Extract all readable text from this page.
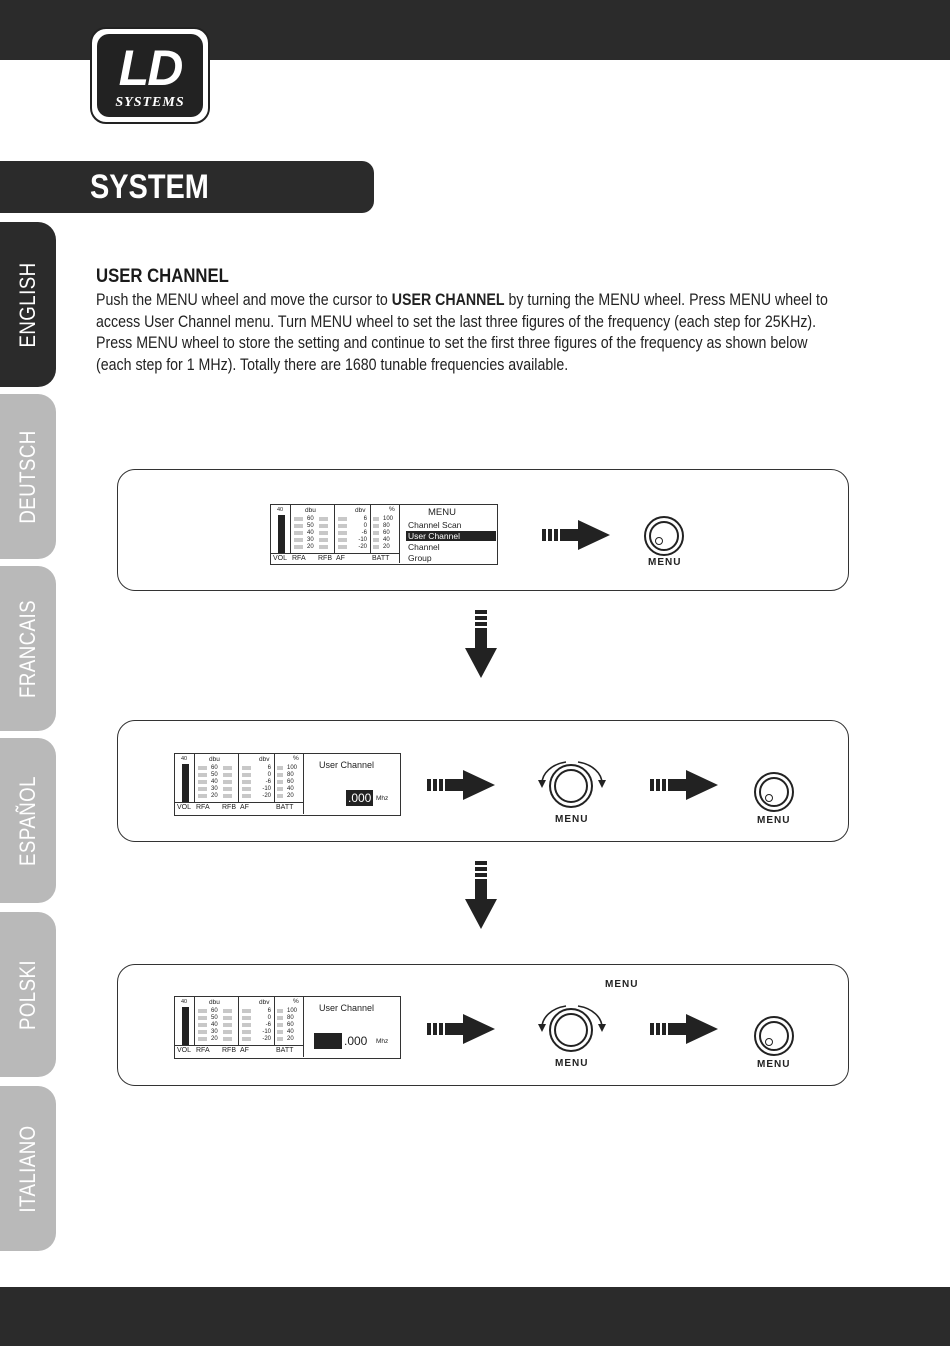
LD
SYSTEMS
SYSTEM
ENGLISH
DEUTSCH
FRANCAIS
ESPAÑOL
POLSKI
ITALIANO
USER CHANNEL
Push the MENU wheel and move the cursor to USER CHANNEL by turning the MENU wheel. Press MENU wheel to access User Channel menu. Turn MENU wheel to set the last three figures of the frequency (each step for 25KHz). Press MENU wheel to store the setting and continue to set the first three figures of the frequency as shown below (each step for 1 MHz). Totally there are 1680 tunable frequencies available.
40	dbu	dbv	%
60	6	100
50	0	80
40	-6	60
30	-10	40
20	-20	20
VOL RFA RFB AF	BATT
MENU
Channel Scan
User Channel
Channel
Group
40	dbu	dbv	%
60	6	100
50	0	80
40	-6	60
30	-10	40
20	-20	20
VOL RFA RFB AF	BATT
User Channel
.000 Mhz
40	dbu	dbv	%
60	6	100
50	0	80
40	-6	60
30	-10	40
20	-20	20
VOL RFA RFB AF	BATT
User Channel
.000 Mhz
MENU
MENU	MENU
MENU
MENU	MENU
